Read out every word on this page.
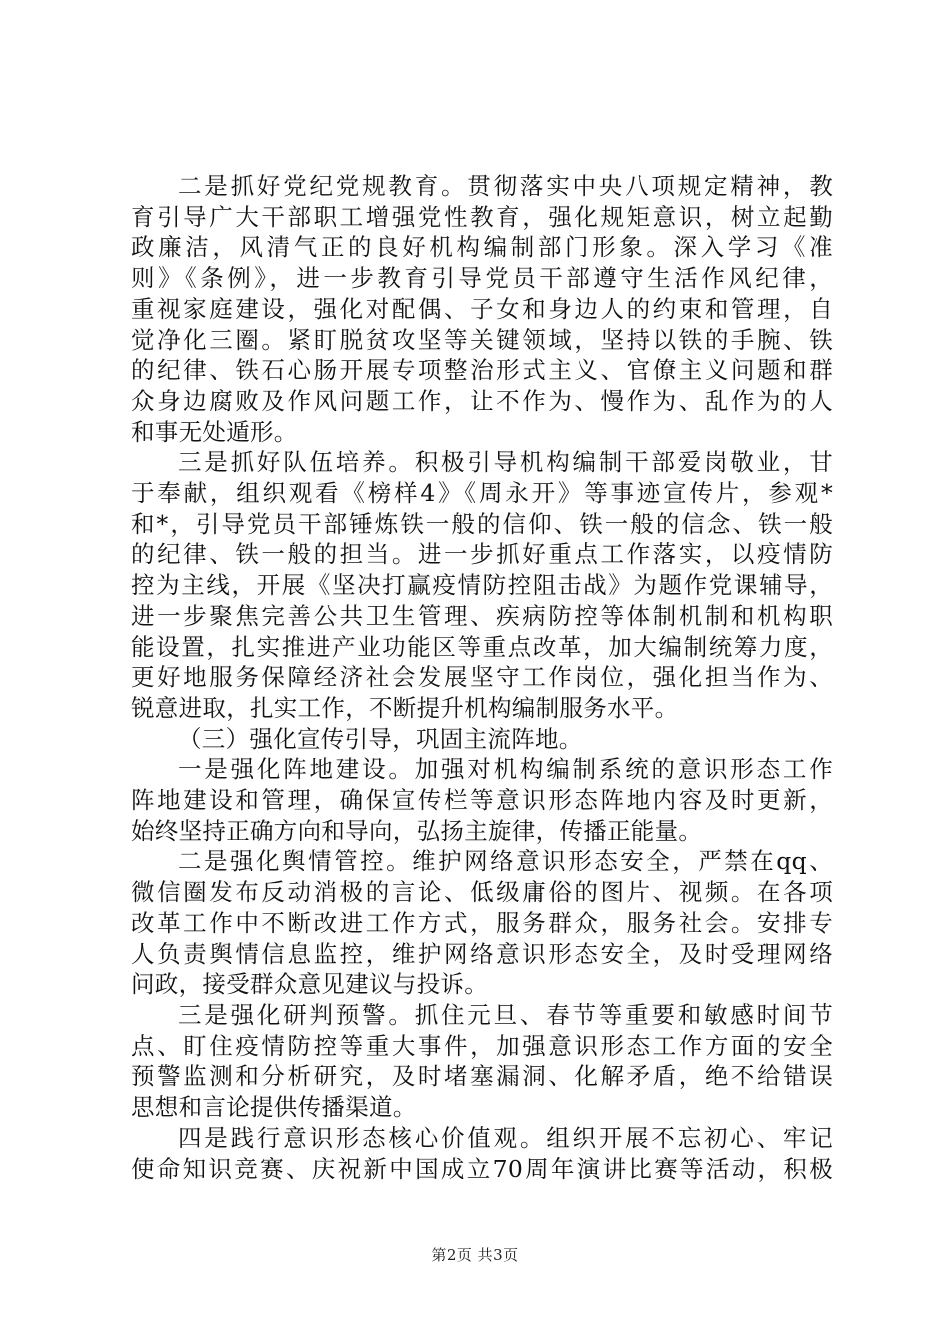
二是抓好党纪党规教育。贯彻落实中央八项规定精神，教
育引导广大干部职工增强党性教育，强化规矩意识，树立起勤
政廉洁，风清气正的良好机构编制部门形象。深入学习《准
则》《条例》，进一步教育引导党员干部遵守生活作风纪律，
重视家庭建设，强化对配偶、子女和身边人的约束和管理，自
觉净化三圈。紧盯脱贫攻坚等关键领域，坚持以铁的手腕、铁
的纪律、铁石心肠开展专项整治形式主义、官僚主义问题和群
众身边腐败及作风问题工作，让不作为、慢作为、乱作为的人
和事无处遁形。

三是抓好队伍培养。积极引导机构编制干部爱岗敬业，甘
于奉献，组织观看《榜样4》《周永开》等事迹宣传片，参观*
和*，引导党员干部锤炼铁一般的信仰、铁一般的信念、铁一般
的纪律、铁一般的担当。进一步抓好重点工作落实，以疫情防
控为主线，开展《坚决打赢疫情防控阻击战》为题作党课辅导，
进一步聚焦完善公共卫生管理、疾病防控等体制机制和机构职
能设置，扎实推进产业功能区等重点改革，加大编制统筹力度，
更好地服务保障经济社会发展坚守工作岗位，强化担当作为、
锐意进取，扎实工作，不断提升机构编制服务水平。

（三）强化宣传引导，巩固主流阵地。

一是强化阵地建设。加强对机构编制系统的意识形态工作
阵地建设和管理，确保宣传栏等意识形态阵地内容及时更新，
始终坚持正确方向和导向，弘扬主旋律，传播正能量。

二是强化舆情管控。维护网络意识形态安全，严禁在qq、
微信圈发布反动消极的言论、低级庸俗的图片、视频。在各项
改革工作中不断改进工作方式，服务群众，服务社会。安排专
人负责舆情信息监控，维护网络意识形态安全，及时受理网络
问政，接受群众意见建议与投诉。

三是强化研判预警。抓住元旦、春节等重要和敏感时间节
点、盯住疫情防控等重大事件，加强意识形态工作方面的安全
预警监测和分析研究，及时堵塞漏洞、化解矛盾，绝不给错误
思想和言论提供传播渠道。

四是践行意识形态核心价值观。组织开展不忘初心、牢记
使命知识竞赛、庆祝新中国成立70周年演讲比赛等活动，积极

第2页 共3页
